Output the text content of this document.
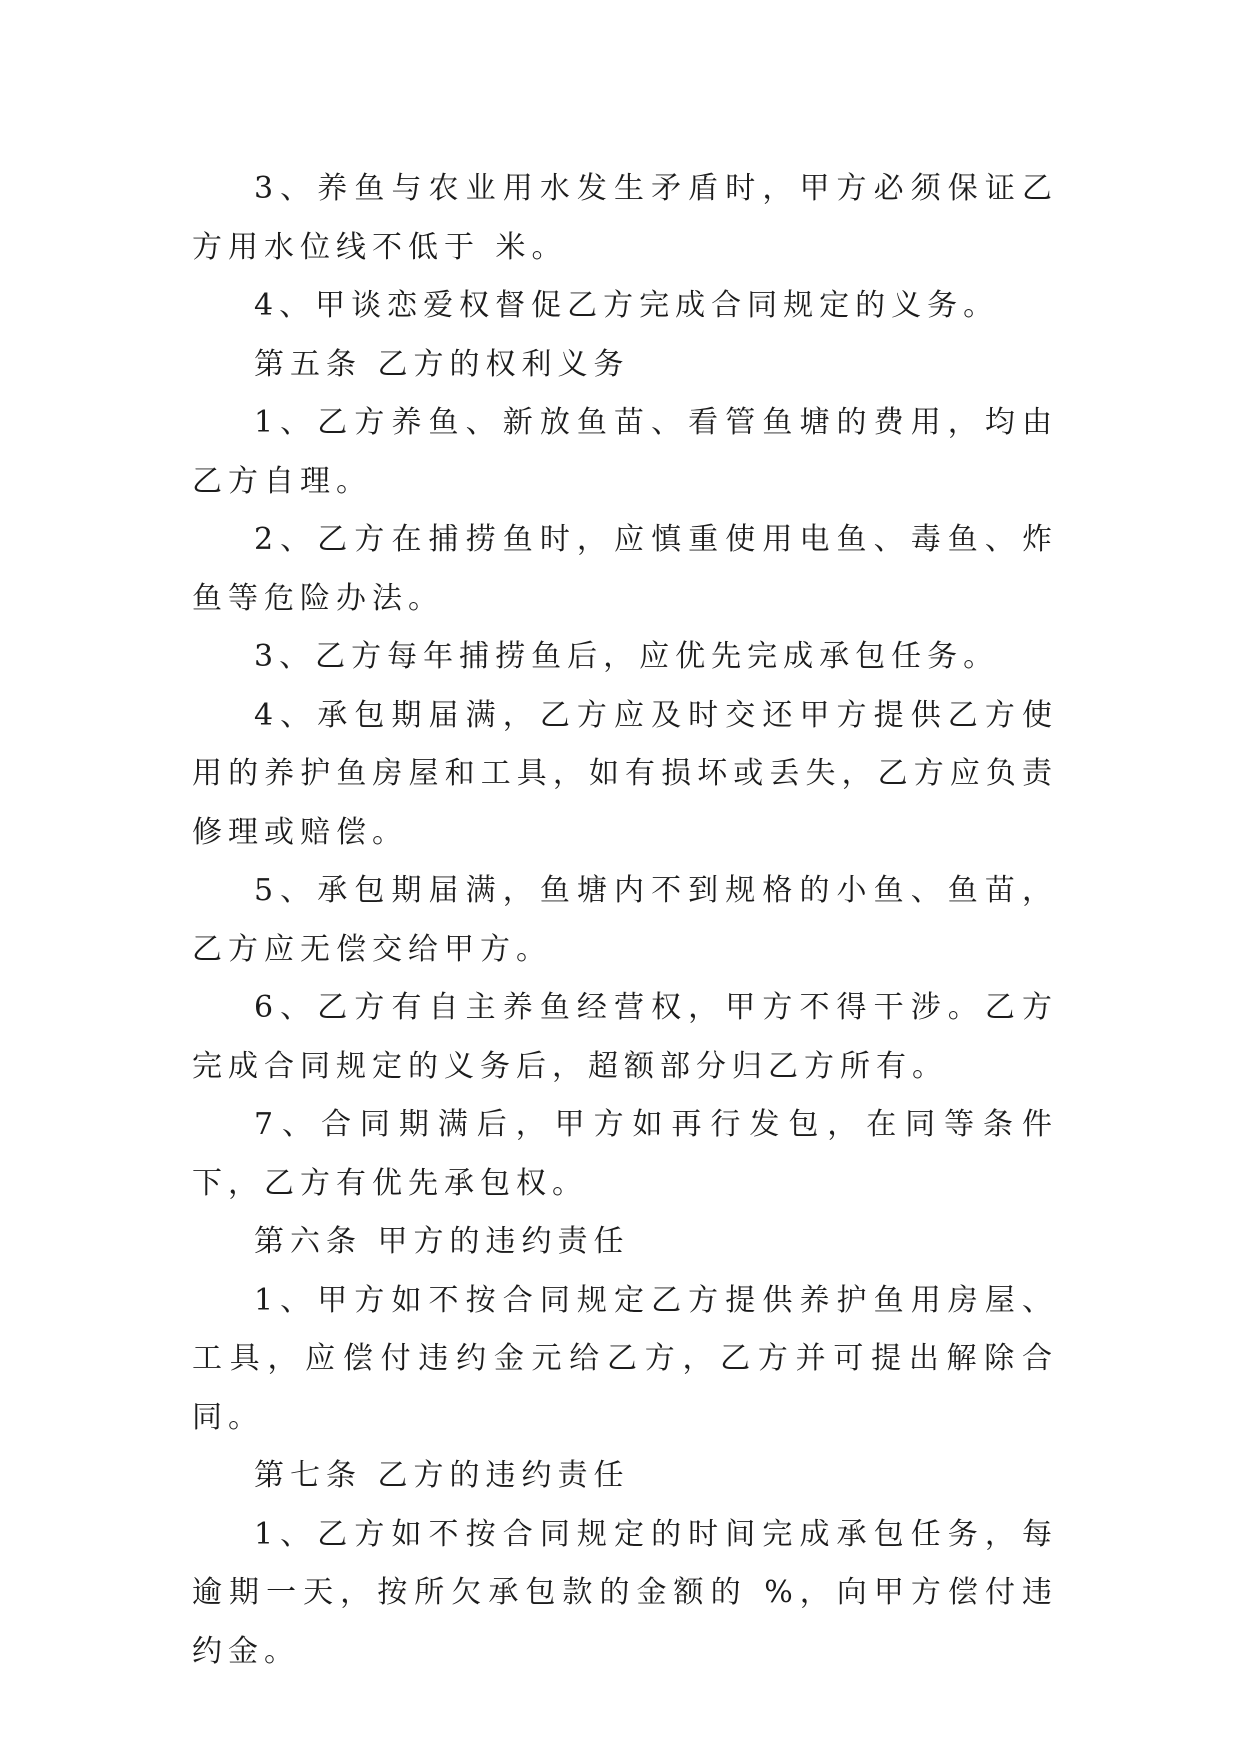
3、养鱼与农业用水发生矛盾时，甲方必须保证乙方用水位线不低于 米。

4、甲谈恋爱权督促乙方完成合同规定的义务。

第五条 乙方的权利义务

1、乙方养鱼、新放鱼苗、看管鱼塘的费用，均由乙方自理。

2、乙方在捕捞鱼时，应慎重使用电鱼、毒鱼、炸鱼等危险办法。

3、乙方每年捕捞鱼后，应优先完成承包任务。

4、承包期届满，乙方应及时交还甲方提供乙方使用的养护鱼房屋和工具，如有损坏或丢失，乙方应负责修理或赔偿。

5、承包期届满，鱼塘内不到规格的小鱼、鱼苗，乙方应无偿交给甲方。

6、乙方有自主养鱼经营权，甲方不得干涉。乙方完成合同规定的义务后，超额部分归乙方所有。

7、合同期满后，甲方如再行发包，在同等条件下，乙方有优先承包权。

第六条 甲方的违约责任

1、甲方如不按合同规定乙方提供养护鱼用房屋、工具，应偿付违约金元给乙方，乙方并可提出解除合同。

第七条 乙方的违约责任

1、乙方如不按合同规定的时间完成承包任务，每逾期一天，按所欠承包款的金额的 %，向甲方偿付违约金。
